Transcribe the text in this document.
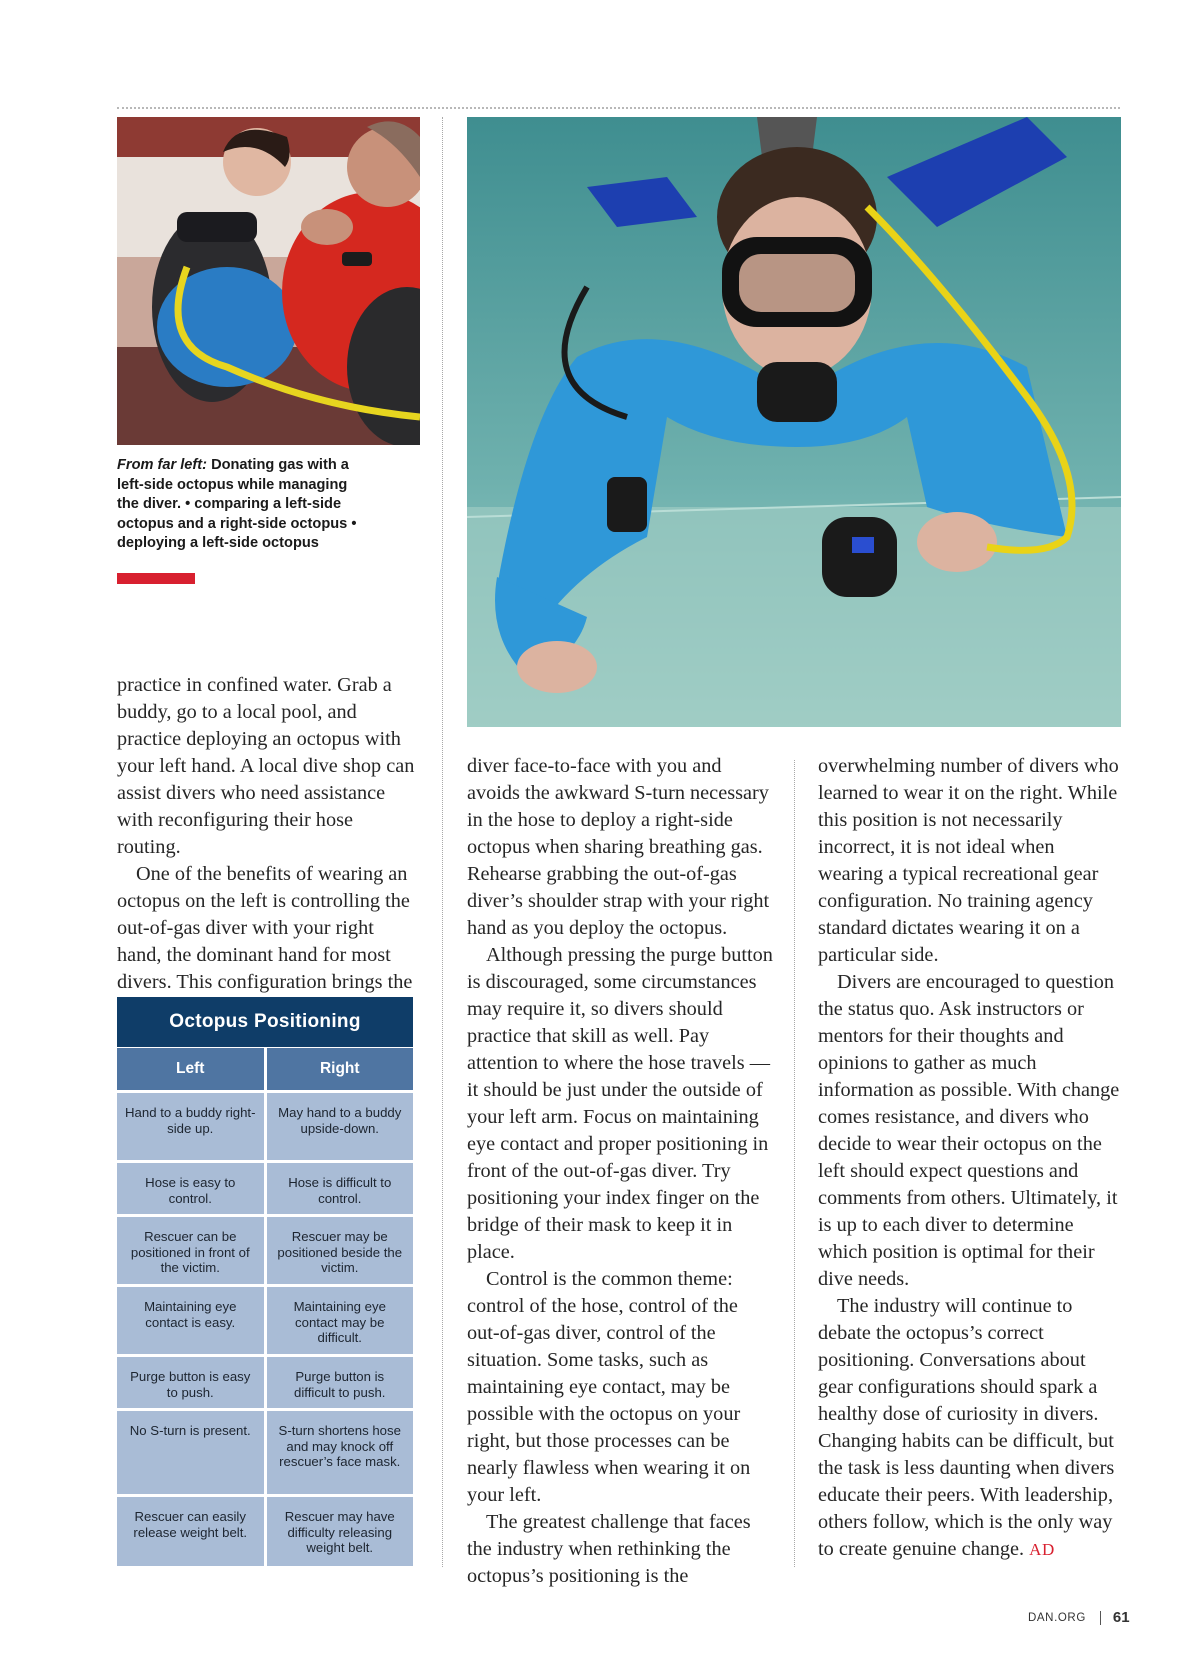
From far left: Donating gas with a left-side octopus while managing the diver. • comparing a left-side octopus and a right-side octopus • deploying a left-side octopus

practice in confined water. Grab a buddy, go to a local pool, and practice deploying an octopus with your left hand. A local dive shop can assist divers who need assistance with reconfiguring their hose routing.

One of the benefits of wearing an octopus on the left is controlling the out-of-gas diver with your right hand, the dominant hand for most divers. This configuration brings the

Octopus Positioning	
Left	Right
Hand to a buddy right-side up.	May hand to a buddy upside-down.
Hose is easy to control.	Hose is difficult to control.
Rescuer can be positioned in front of the victim.	Rescuer may be positioned beside the victim.
Maintaining eye contact is easy.	Maintaining eye contact may be difficult.
Purge button is easy to push.	Purge button is difficult to push.
No S-turn is present.	S-turn shortens hose and may knock off rescuer’s face mask.
Rescuer can easily release weight belt.	Rescuer may have difficulty releasing weight belt.

diver face-to-face with you and avoids the awkward S-turn necessary in the hose to deploy a right-side octopus when sharing breathing gas. Rehearse grabbing the out-of-gas diver’s shoulder strap with your right hand as you deploy the octopus.

Although pressing the purge button is discouraged, some circumstances may require it, so divers should practice that skill as well. Pay attention to where the hose travels — it should be just under the outside of your left arm. Focus on maintaining eye contact and proper positioning in front of the out-of-gas diver. Try positioning your index finger on the bridge of their mask to keep it in place.

Control is the common theme: control of the hose, control of the out-of-gas diver, control of the situation. Some tasks, such as maintaining eye contact, may be possible with the octopus on your right, but those processes can be nearly flawless when wearing it on your left.

The greatest challenge that faces the industry when rethinking the octopus’s positioning is the

overwhelming number of divers who learned to wear it on the right. While this position is not necessarily incorrect, it is not ideal when wearing a typical recreational gear configuration. No training agency standard dictates wearing it on a particular side.

Divers are encouraged to question the status quo. Ask instructors or mentors for their thoughts and opinions to gather as much information as possible. With change comes resistance, and divers who decide to wear their octopus on the left should expect questions and comments from others. Ultimately, it is up to each diver to determine which position is optimal for their dive needs.

The industry will continue to debate the octopus’s correct positioning. Conversations about gear configurations should spark a healthy dose of curiosity in divers. Changing habits can be difficult, but the task is less daunting when divers educate their peers. With leadership, others follow, which is the only way to create genuine change. AD

DAN.ORG 61
